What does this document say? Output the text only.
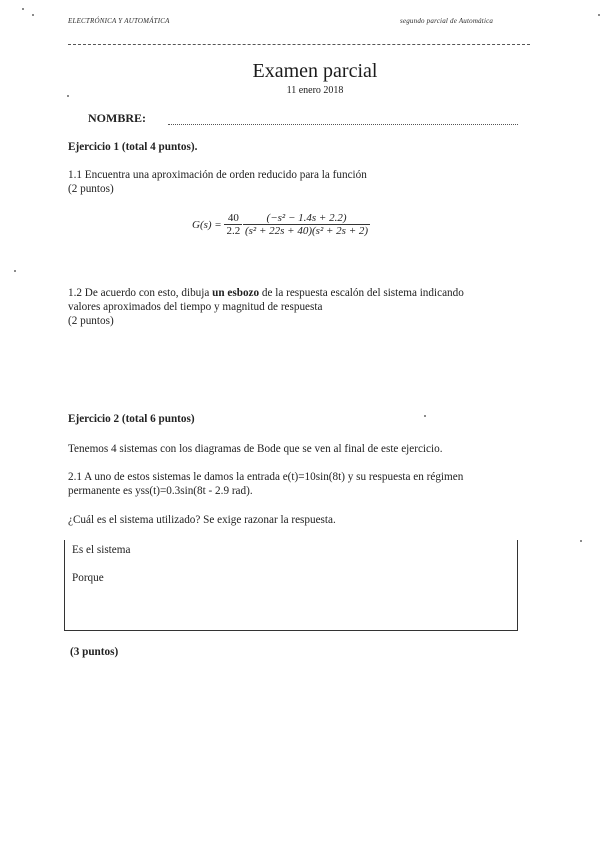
ELECTRÓNICA Y AUTOMÁTICA	segundo parcial de Automática
Examen parcial
11 enero 2018
NOMBRE:
Ejercicio 1 (total 4 puntos).
1.1 Encuentra una aproximación de orden reducido para la función
(2 puntos)
$G(s) = \frac{40}{2.2}$
$\frac{\text{(−s² − 1.4s + 2.2)}}{\text{(s² + 22s + 40)(s² + 2s + 2)}}$
1.2 De acuerdo con esto, dibuja un esbozo de la respuesta escalón del sistema indicando
valores aproximados del tiempo y magnitud de respuesta
(2 puntos)
Ejercicio 2 (total 6 puntos)
Tenemos 4 sistemas con los diagramas de Bode que se ven al final de este ejercicio.
2.1 A uno de estos sistemas le damos la entrada e(t)=10sin(8t) y su respuesta en régimen
permanente es yss(t)=0.3sin(8t - 2.9 rad).
¿Cuál es el sistema utilizado? Se exige razonar la respuesta.
Es el sistema
Porque
(3 puntos)
